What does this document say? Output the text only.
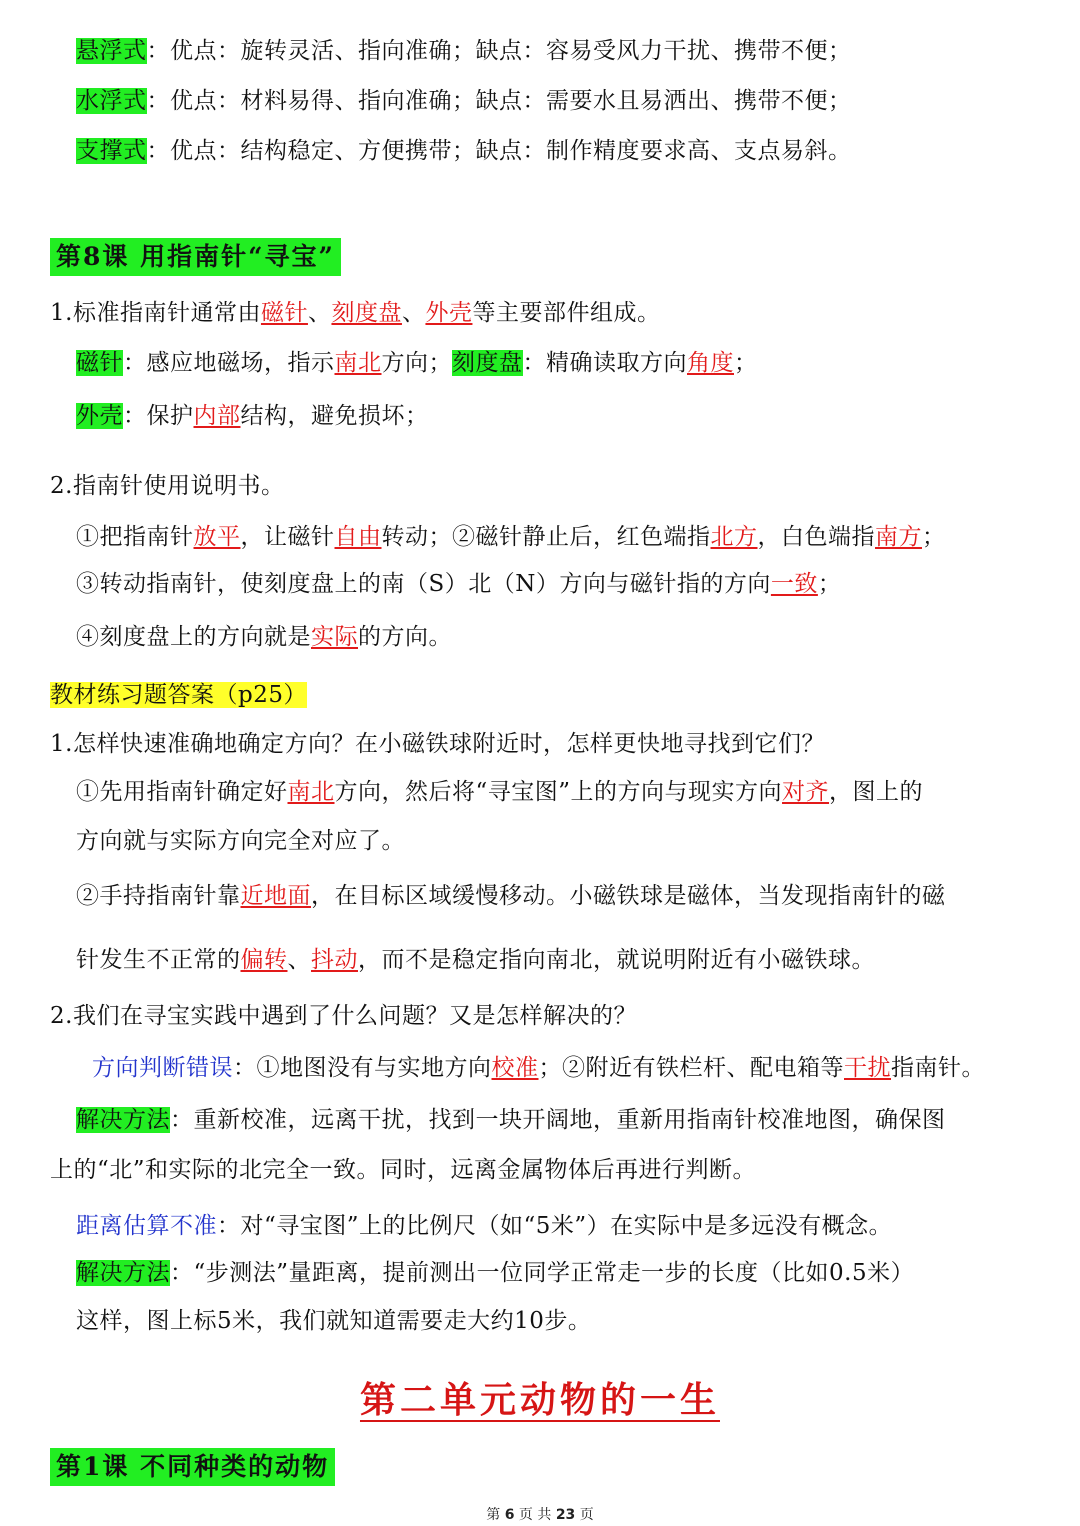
悬浮式：优点：旋转灵活、指向准确；缺点：容易受风力干扰、携带不便；
水浮式：优点：材料易得、指向准确；缺点：需要水且易洒出、携带不便；
支撑式：优点：结构稳定、方便携带；缺点：制作精度要求高、支点易斜。
第8课 用指南针“寻宝”
1.标准指南针通常由磁针、刻度盘、外壳等主要部件组成。
磁针：感应地磁场，指示南北方向；刻度盘：精确读取方向角度；
外壳：保护内部结构，避免损坏；
2.指南针使用说明书。
①把指南针放平，让磁针自由转动；②磁针静止后，红色端指北方，白色端指南方；
③转动指南针，使刻度盘上的南（S）北（N）方向与磁针指的方向一致；
④刻度盘上的方向就是实际的方向。
教材练习题答案（p25）
1.怎样快速准确地确定方向？在小磁铁球附近时，怎样更快地寻找到它们？
①先用指南针确定好南北方向，然后将“寻宝图”上的方向与现实方向对齐，图上的
方向就与实际方向完全对应了。
②手持指南针靠近地面，在目标区域缓慢移动。小磁铁球是磁体，当发现指南针的磁
针发生不正常的偏转、抖动，而不是稳定指向南北，就说明附近有小磁铁球。
2.我们在寻宝实践中遇到了什么问题？又是怎样解决的？
方向判断错误：①地图没有与实地方向校准；②附近有铁栏杆、配电箱等干扰指南针。
解决方法：重新校准，远离干扰，找到一块开阔地，重新用指南针校准地图，确保图
上的“北”和实际的北完全一致。同时，远离金属物体后再进行判断。
距离估算不准：对“寻宝图”上的比例尺（如“5米”）在实际中是多远没有概念。
解决方法：“步测法”量距离，提前测出一位同学正常走一步的长度（比如0.5米）
这样，图上标5米，我们就知道需要走大约10步。
第二单元动物的一生
第1课 不同种类的动物
第 6 页 共 23 页
